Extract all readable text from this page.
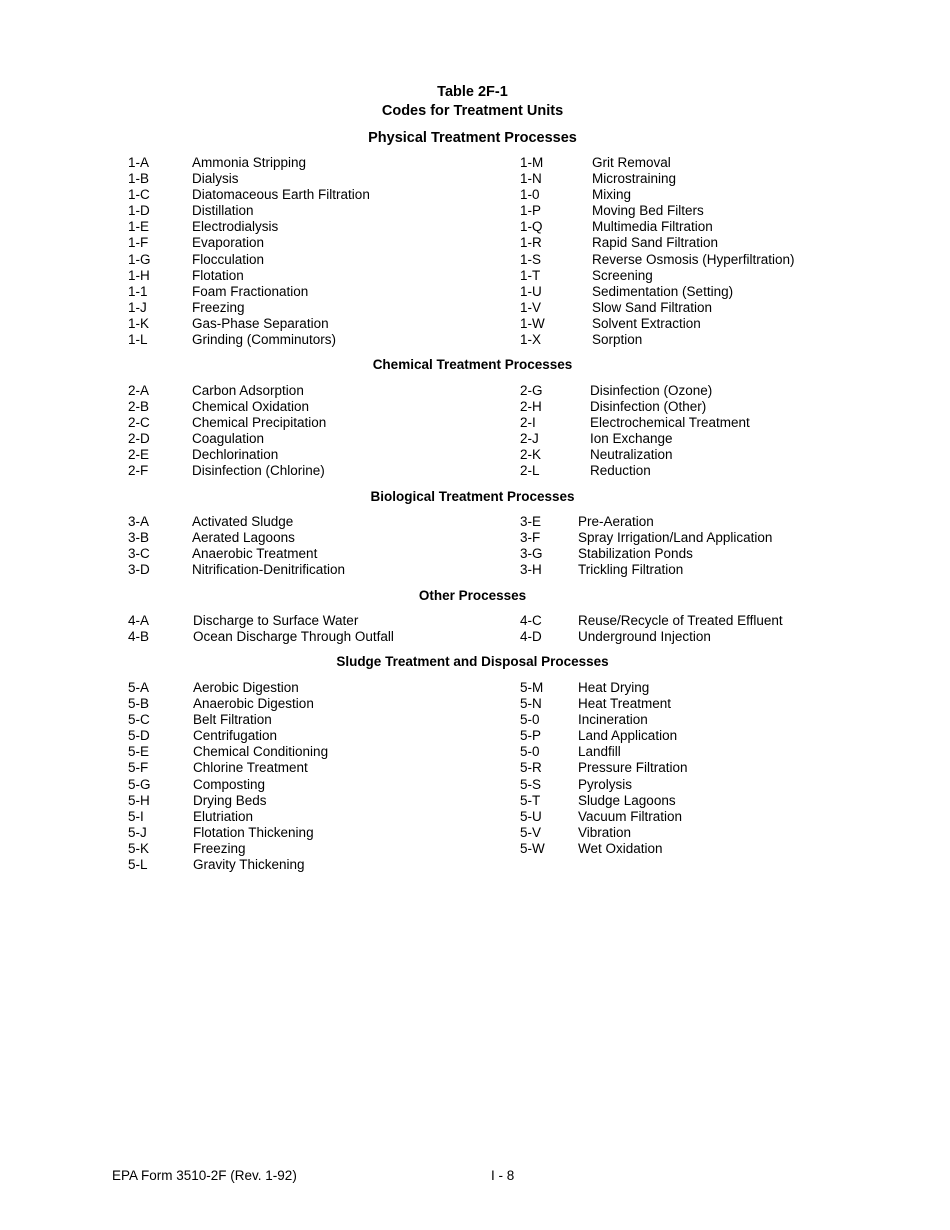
Table 2F-1
Codes for Treatment Units
Physical Treatment Processes
1-A	Ammonia Stripping
1-B	Dialysis
1-C	Diatomaceous Earth Filtration
1-D	Distillation
1-E	Electrodialysis
1-F	Evaporation
1-G	Flocculation
1-H	Flotation
1-1	Foam Fractionation
1-J	Freezing
1-K	Gas-Phase Separation
1-L	Grinding (Comminutors)
1-M	Grit Removal
1-N	Microstraining
1-0	Mixing
1-P	Moving Bed Filters
1-Q	Multimedia Filtration
1-R	Rapid Sand Filtration
1-S	Reverse Osmosis (Hyperfiltration)
1-T	Screening
1-U	Sedimentation (Setting)
1-V	Slow Sand Filtration
1-W	Solvent Extraction
1-X	Sorption
Chemical Treatment Processes
2-A	Carbon Adsorption
2-B	Chemical Oxidation
2-C	Chemical Precipitation
2-D	Coagulation
2-E	Dechlorination
2-F	Disinfection (Chlorine)
2-G	Disinfection (Ozone)
2-H	Disinfection (Other)
2-I	Electrochemical Treatment
2-J	Ion Exchange
2-K	Neutralization
2-L	Reduction
Biological Treatment Processes
3-A	Activated Sludge
3-B	Aerated Lagoons
3-C	Anaerobic Treatment
3-D	Nitrification-Denitrification
3-E	Pre-Aeration
3-F	Spray Irrigation/Land Application
3-G	Stabilization Ponds
3-H	Trickling Filtration
Other Processes
4-A	Discharge to Surface Water
4-B	Ocean Discharge Through Outfall
4-C	Reuse/Recycle of Treated Effluent
4-D	Underground Injection
Sludge Treatment and Disposal Processes
5-A	Aerobic Digestion
5-B	Anaerobic Digestion
5-C	Belt Filtration
5-D	Centrifugation
5-E	Chemical Conditioning
5-F	Chlorine Treatment
5-G	Composting
5-H	Drying Beds
5-I	Elutriation
5-J	Flotation Thickening
5-K	Freezing
5-L	Gravity Thickening
5-M	Heat Drying
5-N	Heat Treatment
5-0	Incineration
5-P	Land Application
5-0	Landfill
5-R	Pressure Filtration
5-S	Pyrolysis
5-T	Sludge Lagoons
5-U	Vacuum Filtration
5-V	Vibration
5-W Wet Oxidation
EPA Form 3510-2F (Rev. 1-92)	I - 8
